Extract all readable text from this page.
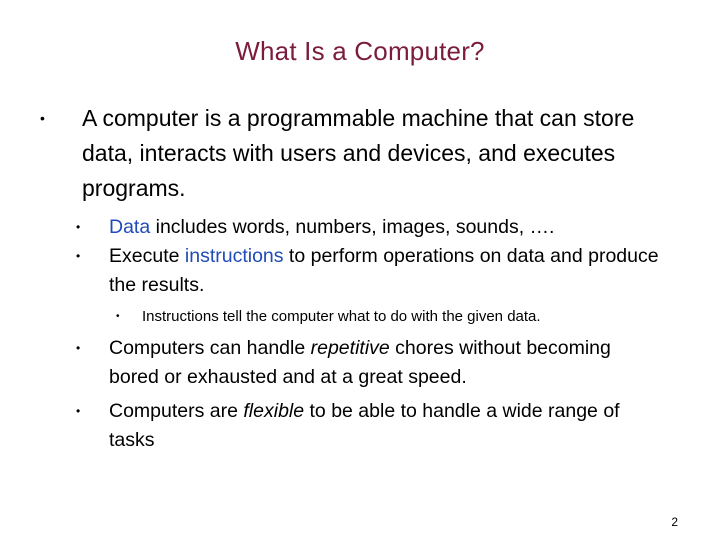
What Is a Computer?
• A computer is a programmable machine that can store data, interacts with users and devices, and executes programs.
• Data includes words, numbers, images, sounds, ….
• Execute instructions to perform operations on data and produce the results.
• Instructions tell the computer what to do with the given data.
• Computers can handle repetitive chores without becoming bored or exhausted and at a great speed.
• Computers are flexible to be able to handle a wide range of tasks
2
